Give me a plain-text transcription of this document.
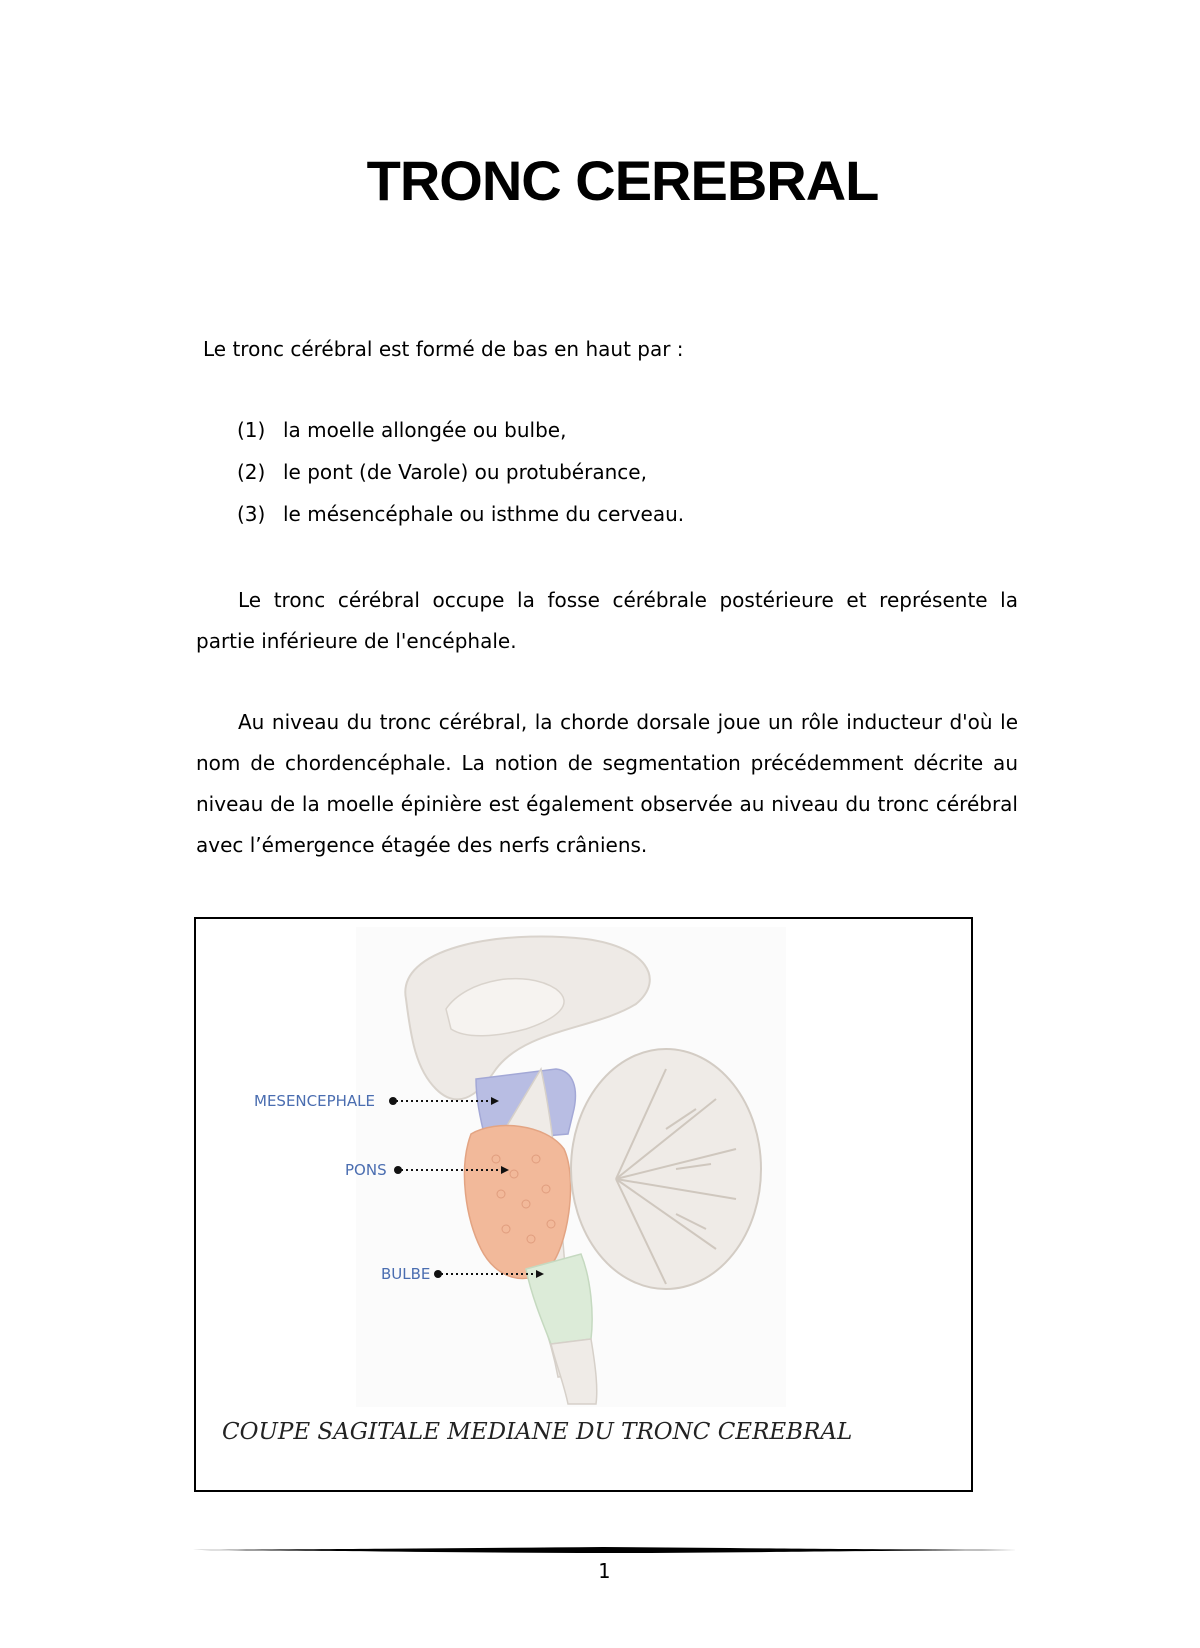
TRONC CEREBRAL

Le tronc cérébral est formé de bas en haut par :

(1) la moelle allongée ou bulbe,
(2) le pont (de Varole) ou protubérance,
(3) le mésencéphale ou isthme du cerveau.

Le tronc cérébral occupe la fosse cérébrale postérieure et représente la partie inférieure de l'encéphale.

Au niveau du tronc cérébral, la chorde dorsale joue un rôle inducteur d'où le nom de chordencéphale. La notion de segmentation précédemment décrite au niveau de la moelle épinière est également observée au niveau du tronc cérébral avec l’émergence étagée des nerfs crâniens.

MESENCEPHALE
PONS
BULBE
COUPE SAGITALE MEDIANE DU TRONC CEREBRAL
1
